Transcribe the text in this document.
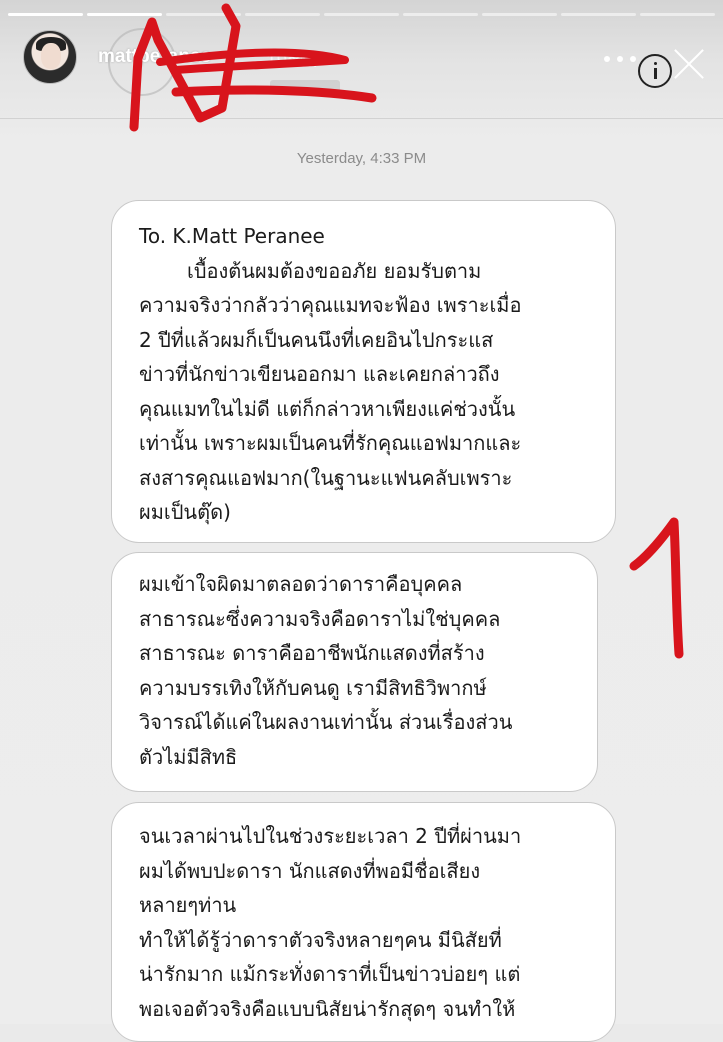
mattperanee	19ชม.
Yesterday, 4:33 PM

To. K.Matt Peranee

เบื้องต้นผมต้องขออภัย ยอมรับตาม

ความจริงว่ากลัวว่าคุณแมทจะฟ้อง เพราะเมื่อ

2 ปีที่แล้วผมก็เป็นคนนึงที่เคยอินไปกระแส

ข่าวที่นักข่าวเขียนออกมา และเคยกล่าวถึง

คุณแมทในไม่ดี แต่ก็กล่าวหาเพียงแค่ช่วงนั้น

เท่านั้น เพราะผมเป็นคนที่รักคุณแอฟมากและ

สงสารคุณแอฟมาก(ในฐานะแฟนคลับเพราะ

ผมเป็นตุ๊ด)

ผมเข้าใจผิดมาตลอดว่าดาราคือบุคคล

สาธารณะซึ่งความจริงคือดาราไม่ใช่บุคคล

สาธารณะ ดาราคืออาชีพนักแสดงที่สร้าง

ความบรรเทิงให้กับคนดู เรามีสิทธิวิพากษ์

วิจารณ์ได้แค่ในผลงานเท่านั้น ส่วนเรื่องส่วน

ตัวไม่มีสิทธิ

จนเวลาผ่านไปในช่วงระยะเวลา 2 ปีที่ผ่านมา

ผมได้พบปะดารา นักแสดงที่พอมีชื่อเสียง

หลายๆท่าน

ทำให้ได้รู้ว่าดาราตัวจริงหลายๆคน มีนิสัยที่

น่ารักมาก แม้กระทั่งดาราที่เป็นข่าวบ่อยๆ แต่

พอเจอตัวจริงคือแบบนิสัยน่ารักสุดๆ จนทำให้
